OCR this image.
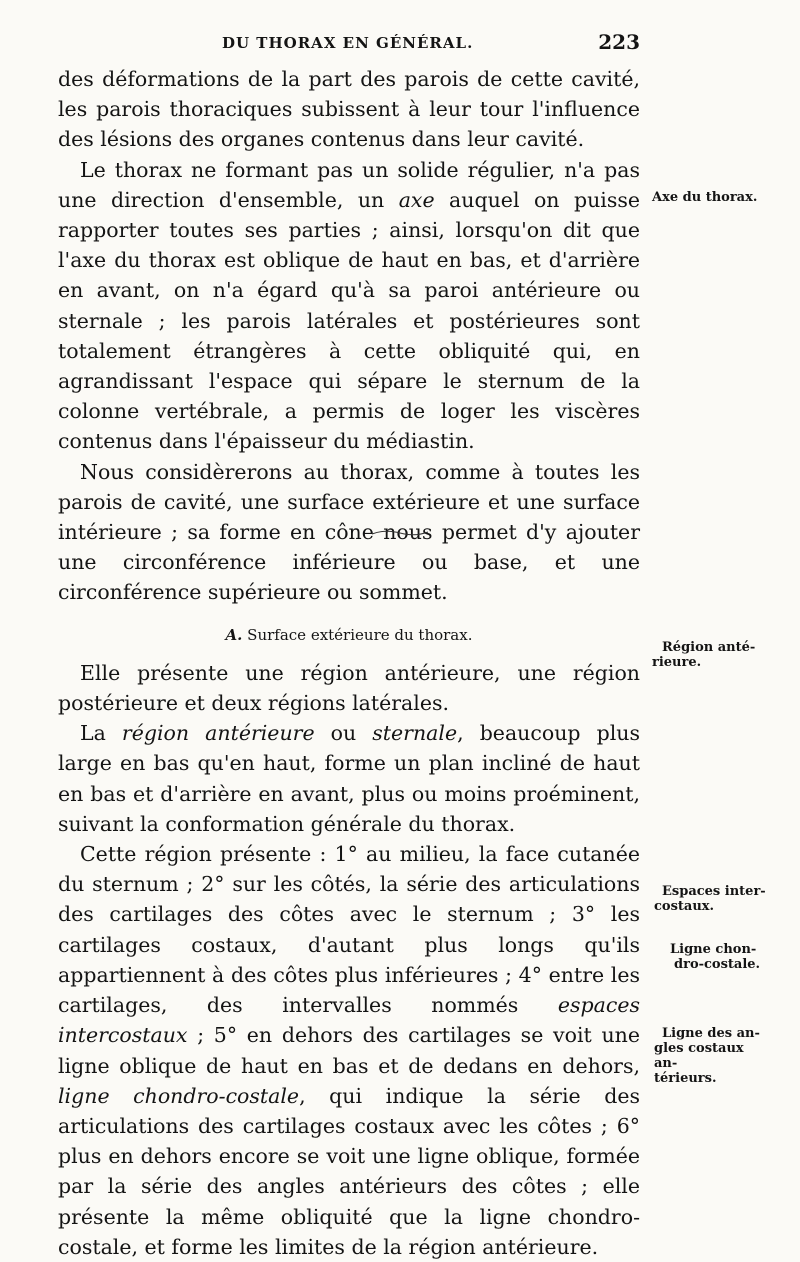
DU THORAX EN GÉNÉRAL.	223

des déformations de la part des parois de cette cavité, les parois thoraciques subissent à leur tour l'influence des lésions des organes contenus dans leur cavité.

Le thorax ne formant pas un solide régulier, n'a pas une direction d'ensemble, un axe auquel on puisse rapporter toutes ses parties ; ainsi, lorsqu'on dit que l'axe du thorax est oblique de haut en bas, et d'arrière en avant, on n'a égard qu'à sa paroi antérieure ou sternale ; les parois latérales et postérieures sont totalement étrangères à cette obliquité qui, en agrandissant l'espace qui sépare le sternum de la colonne vertébrale, a permis de loger les viscères contenus dans l'épaisseur du médiastin.

Nous considèrerons au thorax, comme à toutes les parois de cavité, une surface extérieure et une surface intérieure ; sa forme en cône nous permet d'y ajouter une circonférence inférieure ou base, et une circonférence supérieure ou sommet.

A. Surface extérieure du thorax.

Elle présente une région antérieure, une région postérieure et deux régions latérales.

La région antérieure ou sternale, beaucoup plus large en bas qu'en haut, forme un plan incliné de haut en bas et d'arrière en avant, plus ou moins proéminent, suivant la conformation générale du thorax.

Cette région présente : 1° au milieu, la face cutanée du sternum ; 2° sur les côtés, la série des articulations des cartilages des côtes avec le sternum ; 3° les cartilages costaux, d'autant plus longs qu'ils appartiennent à des côtes plus inférieures ; 4° entre les cartilages, des intervalles nommés espaces intercostaux ; 5° en dehors des cartilages se voit une ligne oblique de haut en bas et de dedans en dehors, ligne chondro-costale, qui indique la série des articulations des cartilages costaux avec les côtes ; 6° plus en dehors encore se voit une ligne oblique, formée par la série des angles antérieurs des côtes ; elle présente la même obliquité que la ligne chondro-costale, et forme les limites de la région antérieure.

Axe du thorax.
Région anté-
rieure.
Espaces inter-
costaux.
Ligne chon-
dro-costale.
Ligne des an-
gles costaux an-
térieurs.
